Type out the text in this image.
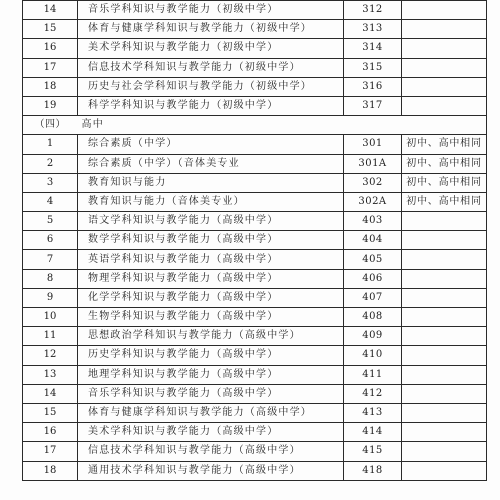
14	音乐学科知识与教学能力（初级中学）	312	
15	体育与健康学科知识与教学能力（初级中学）	313	
16	美术学科知识与教学能力（初级中学）	314	
17	信息技术学科知识与教学能力（初级中学）	315	
18	历史与社会学科知识与教学能力（初级中学）	316	
19	科学学科知识与教学能力（初级中学）	317	
（四）	高中		
1	综合素质（中学）	301	初中、高中相同
2	综合素质（中学）（音体美专业	301A	初中、高中相同
3	教育知识与能力	302	初中、高中相同
4	教育知识与能力（音体美专业）	302A	初中、高中相同
5	语文学科知识与教学能力（高级中学）	403	
6	数学学科知识与教学能力（高级中学）	404	
7	英语学科知识与教学能力（高级中学）	405	
8	物理学科知识与教学能力（高级中学）	406	
9	化学学科知识与教学能力（高级中学）	407	
10	生物学科知识与教学能力（高级中学）	408	
11	思想政治学科知识与教学能力（高级中学）	409	
12	历史学科知识与教学能力（高级中学）	410	
13	地理学科知识与教学能力（高级中学）	411	
14	音乐学科知识与教学能力（高级中学）	412	
15	体育与健康学科知识与教学能力（高级中学）	413	
16	美术学科知识与教学能力（高级中学）	414	
17	信息技术学科知识与教学能力（高级中学）	415	
18	通用技术学科知识与教学能力（高级中学）	418	
